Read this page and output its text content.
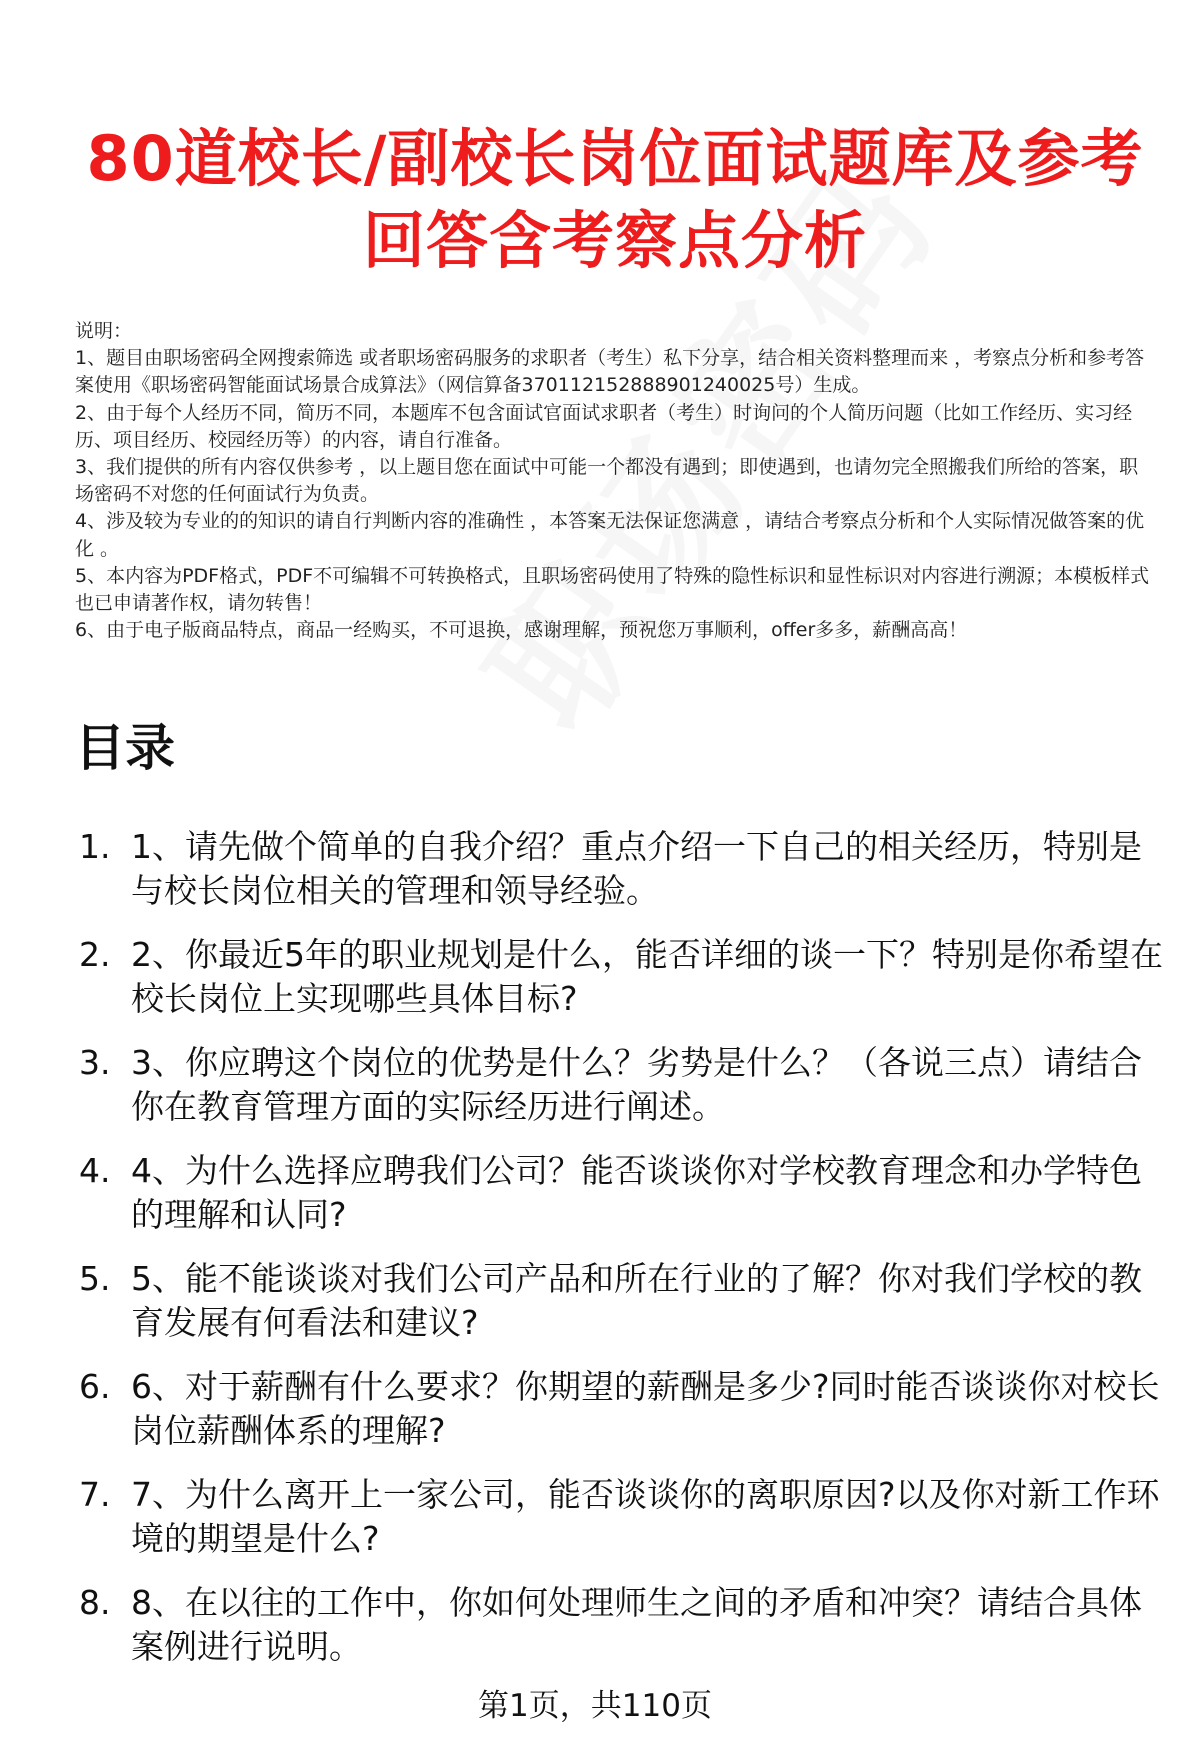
80道校长/副校长岗位面试题库及参考回答含考察点分析

说明：

1、题目由职场密码全网搜索筛选 或者职场密码服务的求职者（考生）私下分享，结合相关资料整理而来 ，考察点分析和参考答案使用《职场密码智能面试场景合成算法》（网信算备370112152888901240025号）生成。

2、由于每个人经历不同，简历不同，本题库不包含面试官面试求职者（考生）时询问的个人简历问题（比如工作经历、实习经历、项目经历、校园经历等）的内容，请自行准备。

3、我们提供的所有内容仅供参考 ，以上题目您在面试中可能一个都没有遇到；即使遇到，也请勿完全照搬我们所给的答案，职场密码不对您的任何面试行为负责。

4、涉及较为专业的的知识的请自行判断内容的准确性 ，本答案无法保证您满意 ，请结合考察点分析和个人实际情况做答案的优化 。

5、本内容为PDF格式，PDF不可编辑不可转换格式，且职场密码使用了特殊的隐性标识和显性标识对内容进行溯源；本模板样式也已申请著作权，请勿转售！

6、由于电子版商品特点，商品一经购买，不可退换，感谢理解，预祝您万事顺利，offer多多，薪酬高高！

目录
1. 1、请先做个简单的自我介绍？重点介绍一下自己的相关经历，特别是与校长岗位相关的管理和领导经验。
2. 2、你最近5年的职业规划是什么，能否详细的谈一下？特别是你希望在校长岗位上实现哪些具体目标?
3. 3、你应聘这个岗位的优势是什么？劣势是什么？（各说三点）请结合你在教育管理方面的实际经历进行阐述。
4. 4、为什么选择应聘我们公司？能否谈谈你对学校教育理念和办学特色的理解和认同?
5. 5、能不能谈谈对我们公司产品和所在行业的了解？你对我们学校的教育发展有何看法和建议?
6. 6、对于薪酬有什么要求？你期望的薪酬是多少?同时能否谈谈你对校长岗位薪酬体系的理解?
7. 7、为什么离开上一家公司，能否谈谈你的离职原因?以及你对新工作环境的期望是什么?
8. 8、在以往的工作中，你如何处理师生之间的矛盾和冲突？请结合具体案例进行说明。
第1页，共110页
